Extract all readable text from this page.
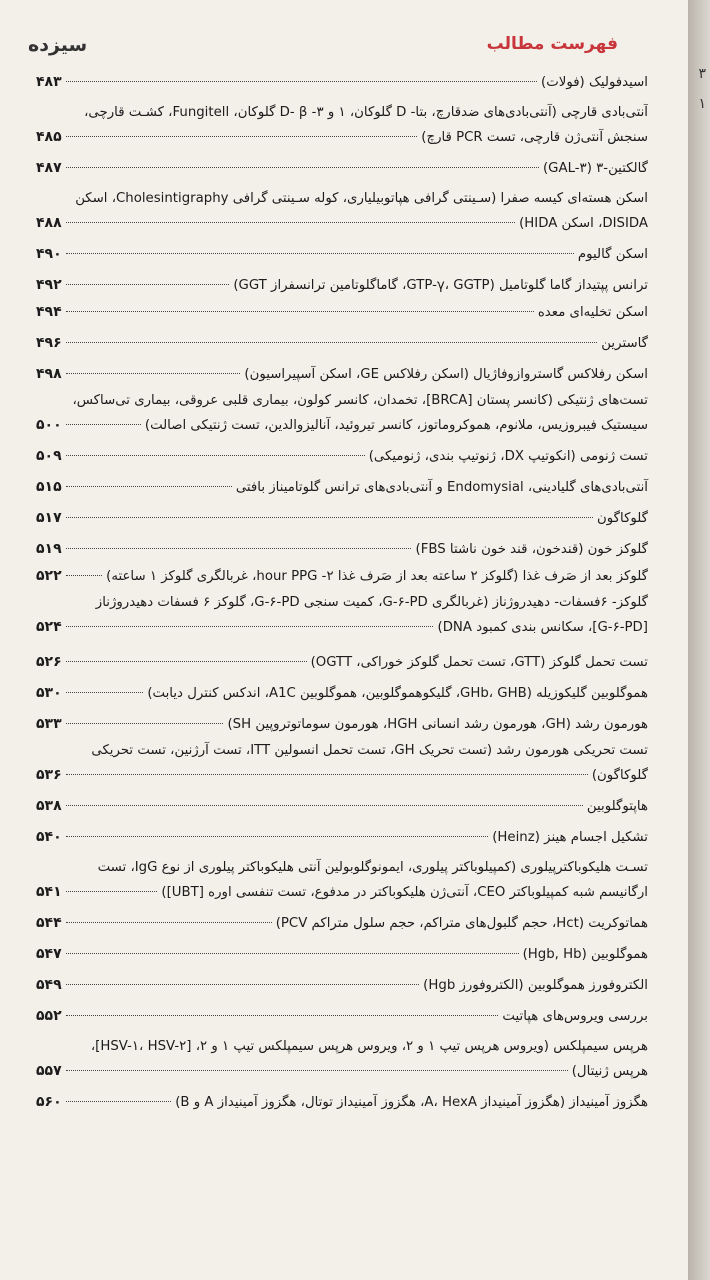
فهرست مطالب
سیزده
اسیدفولیک (فولات)
۴۸۳
آنتی‌بادی قارچی (آنتی‌بادی‌های ضدقارچ، بتا- D گلوکان، ۱ و ۳- D- β گلوکان، Fungitell، کشـت قارچی،
سنجش آنتی‌ژن قارچی، تست PCR قارچ)
۴۸۵
گالکتین-۳ (GAL-۳)
۴۸۷
اسکن هسته‌ای کیسه صفرا (سـینتی گرافی هپاتوبیلیاری، کوله سـینتی گرافی Cholesintigraphy، اسکن
DISIDA، اسکن HIDA)
۴۸۸
اسکن گالیوم
۴۹۰
ترانس پپتیداز گاما گلوتامیل (GTP-γ، GGTP، گاماگلوتامین ترانسفراز GGT)
۴۹۲
اسکن تخلیه‌ای معده
۴۹۴
گاسترین
۴۹۶
اسکن رفلاکس گاستروازوفاژیال (اسکن رفلاکس GE، اسکن آسپیراسیون)
۴۹۸
تست‌های ژنتیکی (کانسر پستان [BRCA]، تخمدان، کانسر کولون، بیماری قلبی عروقی، بیماری تی‌ساکس،
سیستیک فیبروزیس، ملانوم، هموکروماتوز، کانسر تیروئید، آنالیزوالدین، تست ژنتیکی اصالت)
۵۰۰
تست ژنومی (انکوتیپ DX، ژنوتیپ بندی، ژنومیکی)
۵۰۹
آنتی‌بادی‌های گلیادینی، Endomysial و آنتی‌بادی‌های ترانس گلوتامیناز بافتی
۵۱۵
گلوکاگون
۵۱۷
گلوکز خون (قندخون، قند خون ناشتا FBS)
۵۱۹
گلوکز بعد از صَرف غذا (گلوکز ۲ ساعته بعد از صَرف غذا ۲- hour PPG، غربالگری گلوکز ۱ ساعته)
۵۲۲
گلوکز- ۶فسفات- دهیدروژناز (غربالگری G-۶-PD، کمیت سنجی G-۶-PD، گلوکز ۶ فسفات دهیدروژناز
[G-۶-PD]، سکانس بندی کمبود DNA)
۵۲۴
تست تحمل گلوکز (GTT، تست تحمل گلوکز خوراکی، OGTT)
۵۲۶
هموگلوبین گلیکوزیله (GHb، GHB، گلیکوهموگلوبین، هموگلوبین A1C، اندکس کنترل دیابت)
۵۳۰
هورمون رشد (GH، هورمون رشد انسانی HGH، هورمون سوماتوتروپین SH)
۵۳۳
تست تحریکی هورمون رشد (تست تحریک GH، تست تحمل انسولین ITT، تست آرژنین، تست تحریکی
گلوکاگون)
۵۳۶
هاپتوگلوبین
۵۳۸
تشکیل اجسام هینز (Heinz)
۵۴۰
تسـت هلیکوباکترپیلوری (کمپیلوباکتر پیلوری، ایمونوگلوبولین آنتی هلیکوباکتر پیلوری از نوع IgG، تست
ارگانیسم شبه کمپیلوباکتر CEO، آنتی‌ژن هلیکوباکتر در مدفوع، تست تنفسی اوره [UBT])
۵۴۱
هماتوکریت (Hct، حجم گلبول‌های متراکم، حجم سلول متراکم PCV)
۵۴۴
هموگلوبین (Hgb, Hb)
۵۴۷
الکتروفورز هموگلوبین (الکتروفورز Hgb)
۵۴۹
بررسی ویروس‌های هپاتیت
۵۵۲
هرپس سیمپلکس (ویروس هرپس تیپ ۱ و ۲، ویروس هرپس سیمپلکس تیپ ۱ و ۲، [HSV-۱، HSV-۲]،
هرپس ژنیتال)
۵۵۷
هگزوز آمینیداز (هگزوز آمینیداز A، HexA، هگزوز آمینیداز توتال، هگزوز آمینیداز A و B)
۵۶۰
۳
۱
